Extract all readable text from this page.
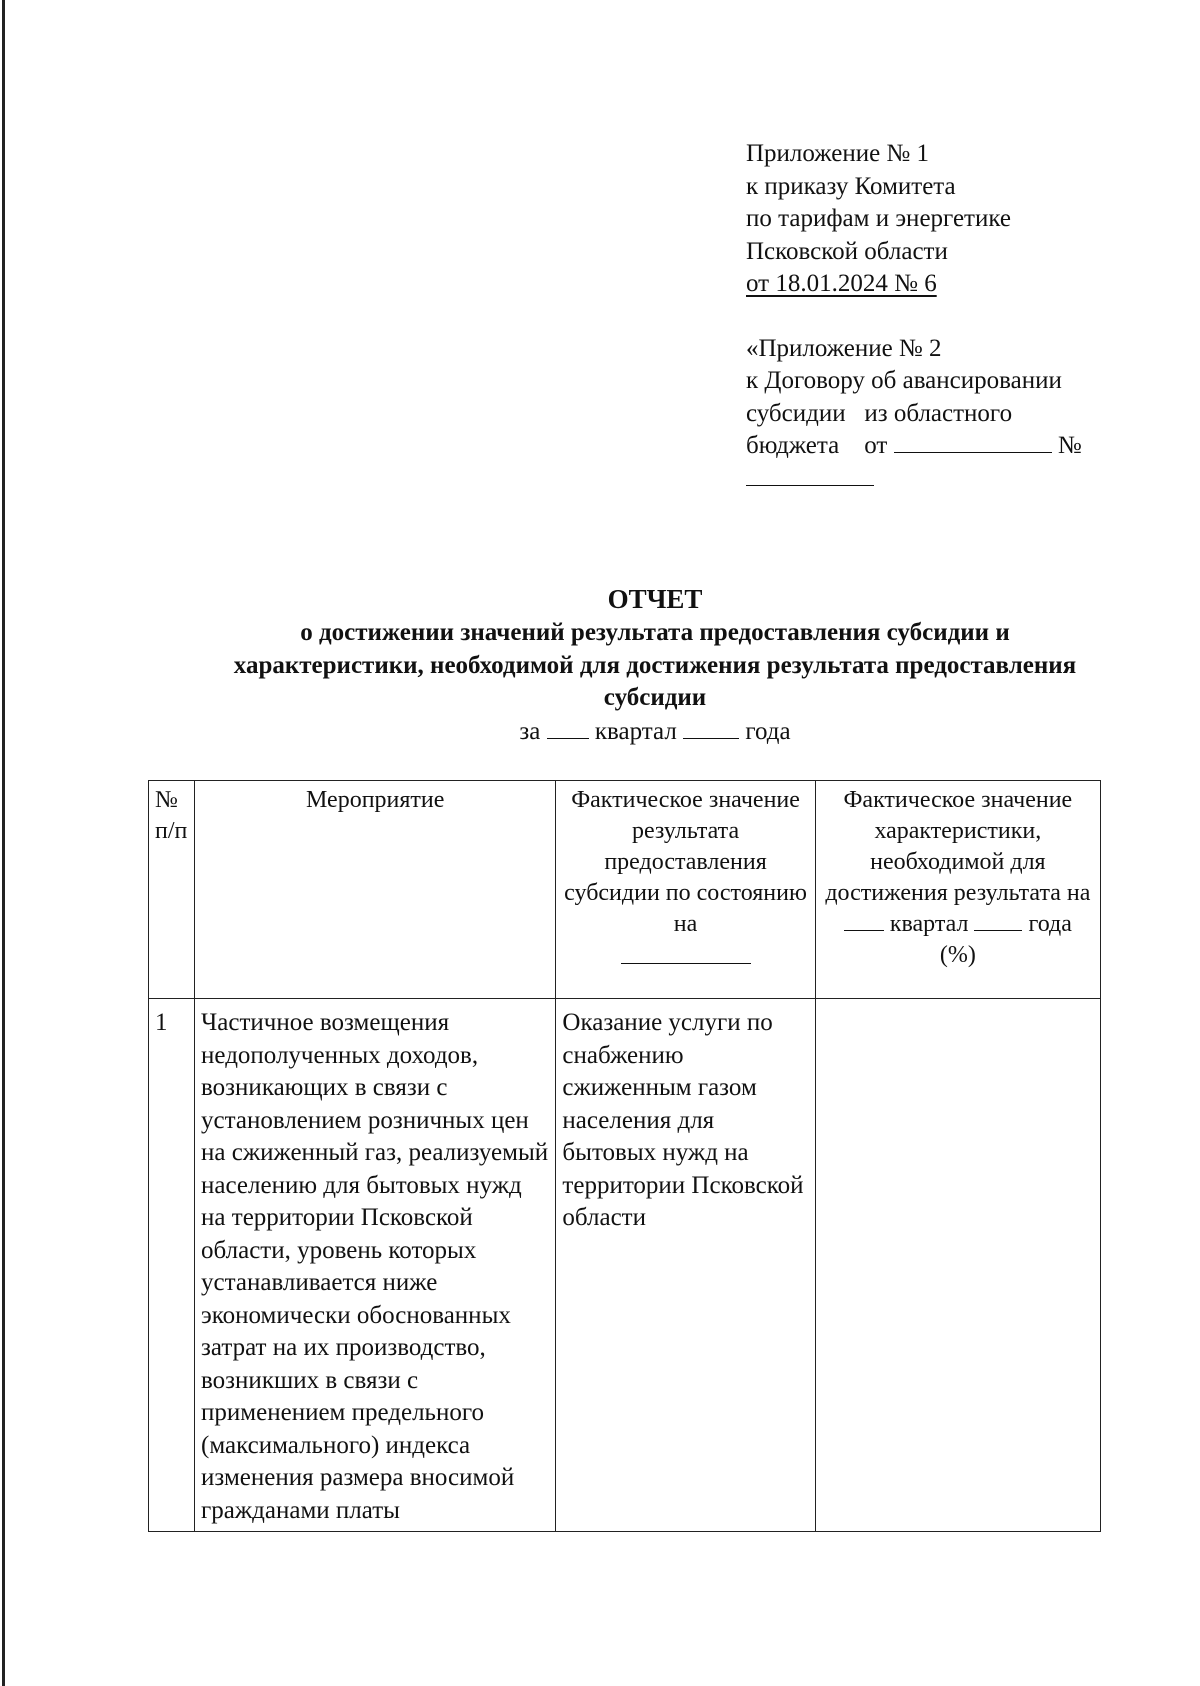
Приложение № 1
к приказу Комитета
по тарифам и энергетике
Псковской области
от 18.01.2024 № 6
«Приложение № 2
к Договору об авансировании
субсидии   из областного
бюджета    от	№
ОТЧЕТ
о достижении значений результата предоставления субсидии и
характеристики, необходимой для достижения результата предоставления
субсидии
за квартал	года
№ п/п	Мероприятие	Фактическое значение результата предоставления субсидии по состоянию на	Фактическое значение характеристики, необходимой для достижения результата на
квартал года
(%)

1	Частичное возмещения недополученных доходов, возникающих в связи с установлением розничных цен на сжиженный газ, реализуемый населению для бытовых нужд на территории Псковской области, уровень которых устанавливается ниже экономически обоснованных затрат на их производство, возникших в связи с применением предельного (максимального) индекса изменения размера вносимой гражданами платы	Оказание услуги по снабжению сжиженным газом населения для бытовых нужд на территории Псковской области	
